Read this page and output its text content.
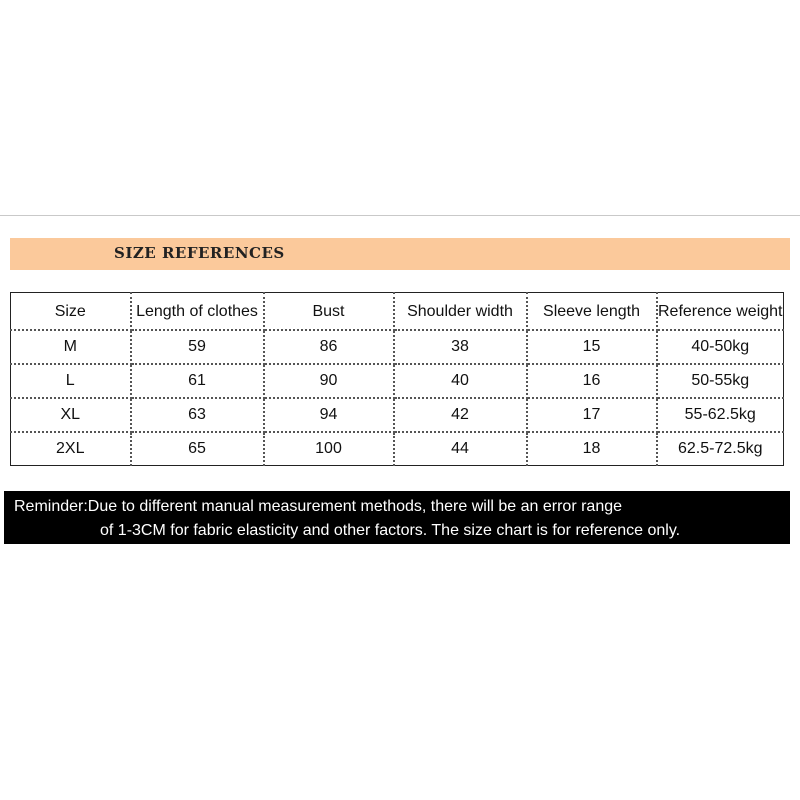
SIZE REFERENCES
Size	Length of clothes	Bust	Shoulder width	Sleeve length	Reference weight
M	59	86	38	15	40-50kg
L	61	90	40	16	50-55kg
XL	63	94	42	17	55-62.5kg
2XL	65	100	44	18	62.5-72.5kg
Reminder:Due to different manual measurement methods, there will be an error range
of 1-3CM for fabric elasticity and other factors. The size chart is for reference only.
